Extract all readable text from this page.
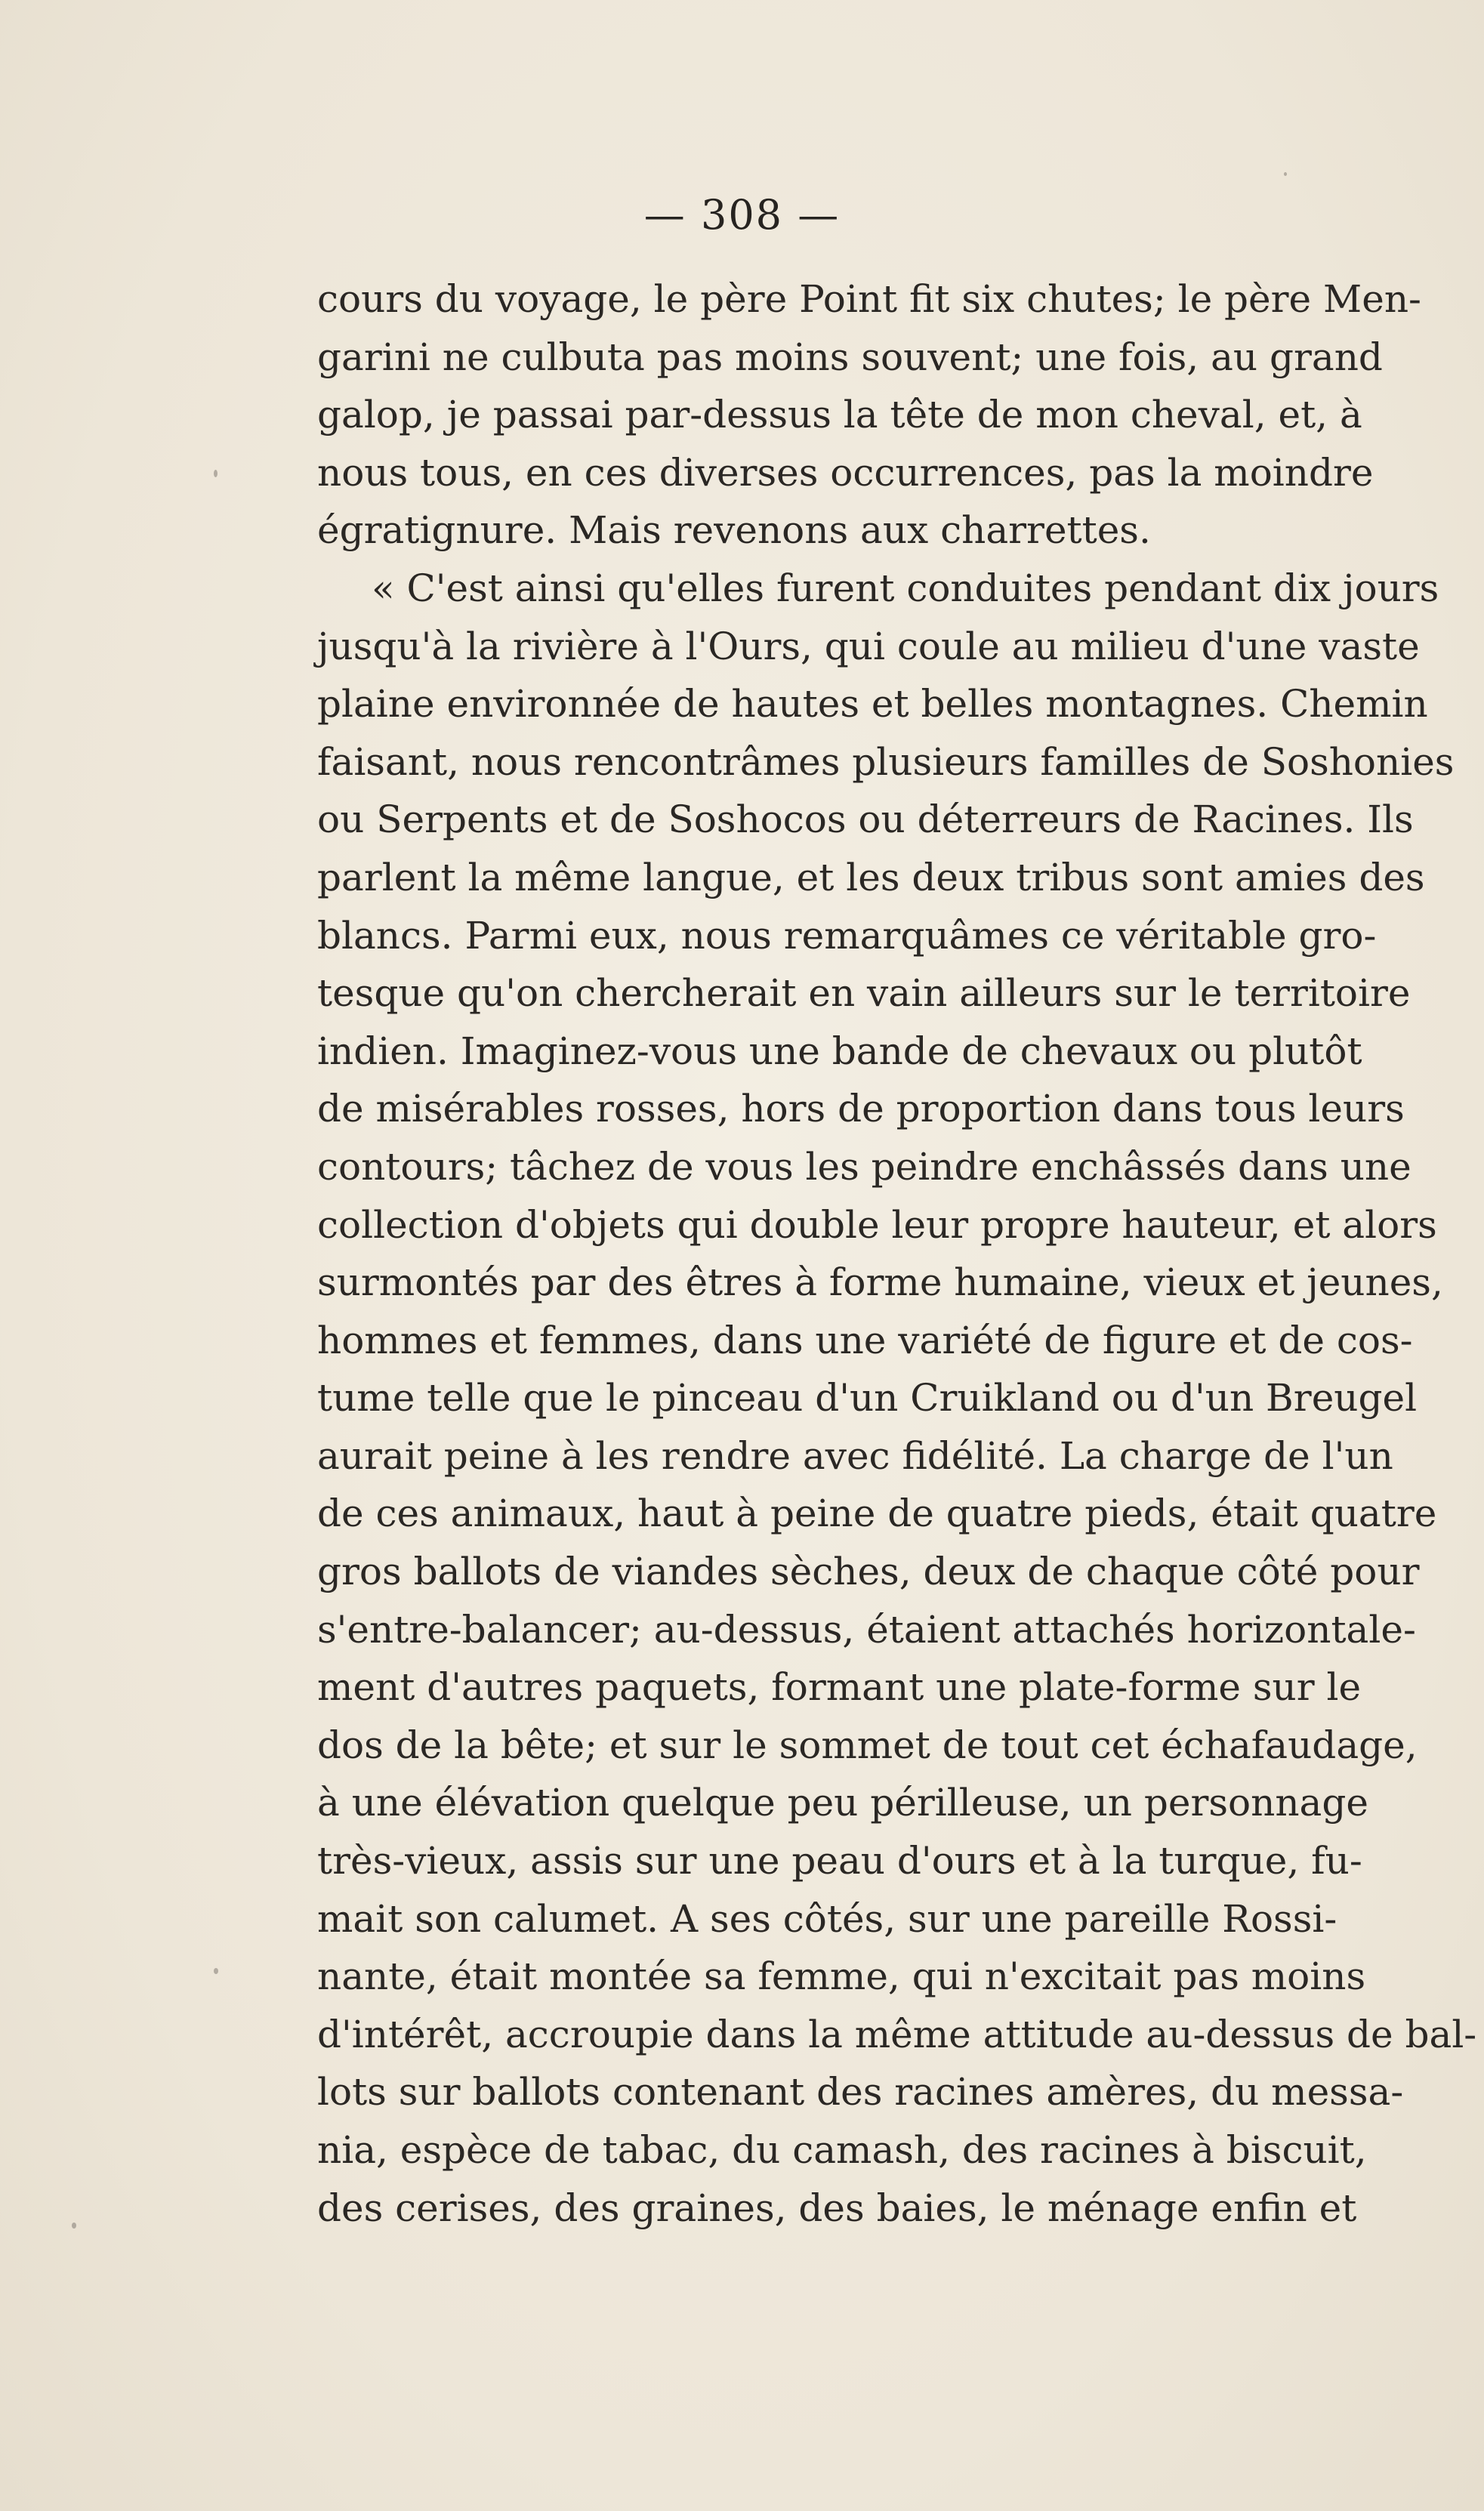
— 308 —
cours du voyage, le père Point fit six chutes; le père Men-
garini ne culbuta pas moins souvent; une fois, au grand
galop, je passai par-dessus la tête de mon cheval, et, à
nous tous, en ces diverses occurrences, pas la moindre
égratignure. Mais revenons aux charrettes.
« C'est ainsi qu'elles furent conduites pendant dix jours
jusqu'à la rivière à l'Ours, qui coule au milieu d'une vaste
plaine environnée de hautes et belles montagnes. Chemin
faisant, nous rencontrâmes plusieurs familles de Soshonies
ou Serpents et de Soshocos ou déterreurs de Racines. Ils
parlent la même langue, et les deux tribus sont amies des
blancs. Parmi eux, nous remarquâmes ce véritable gro-
tesque qu'on chercherait en vain ailleurs sur le territoire
indien. Imaginez-vous une bande de chevaux ou plutôt
de misérables rosses, hors de proportion dans tous leurs
contours; tâchez de vous les peindre enchâssés dans une
collection d'objets qui double leur propre hauteur, et alors
surmontés par des êtres à forme humaine, vieux et jeunes,
hommes et femmes, dans une variété de figure et de cos-
tume telle que le pinceau d'un Cruikland ou d'un Breugel
aurait peine à les rendre avec fidélité. La charge de l'un
de ces animaux, haut à peine de quatre pieds, était quatre
gros ballots de viandes sèches, deux de chaque côté pour
s'entre-balancer; au-dessus, étaient attachés horizontale-
ment d'autres paquets, formant une plate-forme sur le
dos de la bête; et sur le sommet de tout cet échafaudage,
à une élévation quelque peu périlleuse, un personnage
très-vieux, assis sur une peau d'ours et à la turque, fu-
mait son calumet. A ses côtés, sur une pareille Rossi-
nante, était montée sa femme, qui n'excitait pas moins
d'intérêt, accroupie dans la même attitude au-dessus de bal-
lots sur ballots contenant des racines amères, du messa-
nia, espèce de tabac, du camash, des racines à biscuit,
des cerises, des graines, des baies, le ménage enfin et
